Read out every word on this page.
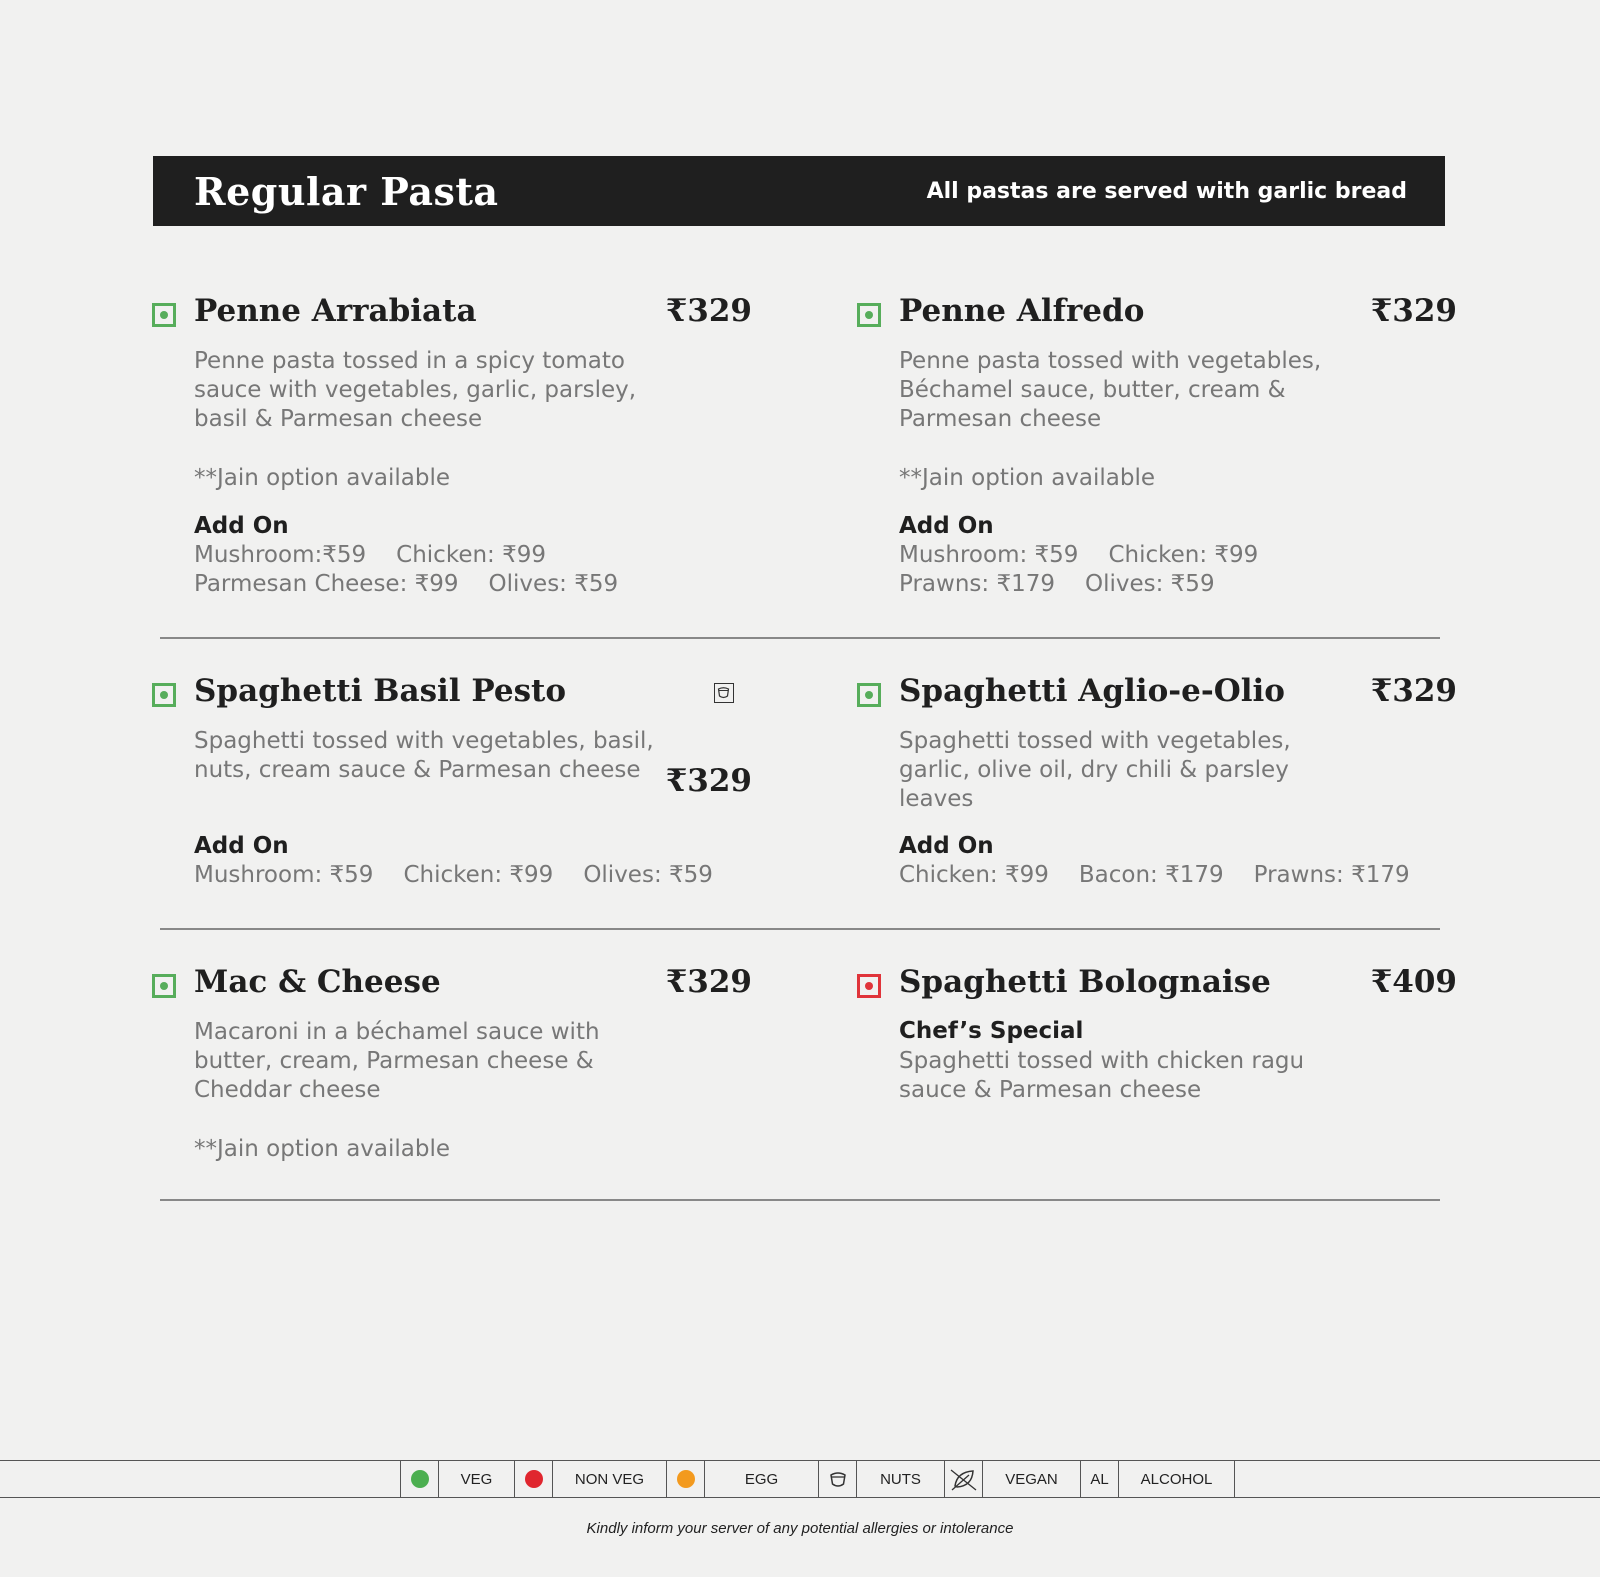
Regular Pasta	All pastas are served with garlic bread
Penne Arrabiata	₹329
Penne pasta tossed in a spicy tomato sauce with vegetables, garlic, parsley, basil & Parmesan cheese
**Jain option available
Add On
Mushroom:₹59 Chicken: ₹99
Parmesan Cheese: ₹99 Olives: ₹59
Penne Alfredo	₹329
Penne pasta tossed with vegetables, Béchamel sauce, butter, cream & Parmesan cheese
**Jain option available
Add On
Mushroom: ₹59 Chicken: ₹99
Prawns: ₹179 Olives: ₹59
Spaghetti Basil Pesto
₹329
Spaghetti tossed with vegetables, basil, nuts, cream sauce & Parmesan cheese
Add On
Mushroom: ₹59 Chicken: ₹99 Olives: ₹59
Spaghetti Aglio-e-Olio	₹329
Spaghetti tossed with vegetables, garlic, olive oil, dry chili & parsley leaves
Add On
Chicken: ₹99 Bacon: ₹179 Prawns: ₹179
Mac & Cheese	₹329
Macaroni in a béchamel sauce with butter, cream, Parmesan cheese & Cheddar cheese
**Jain option available
Spaghetti Bolognaise	₹409
Chef’s Special
Spaghetti tossed with chicken ragu sauce & Parmesan cheese
VEG	NON VEG	EGG	NUTS	VEGAN	AL	ALCOHOL
Kindly inform your server of any potential allergies or intolerance
